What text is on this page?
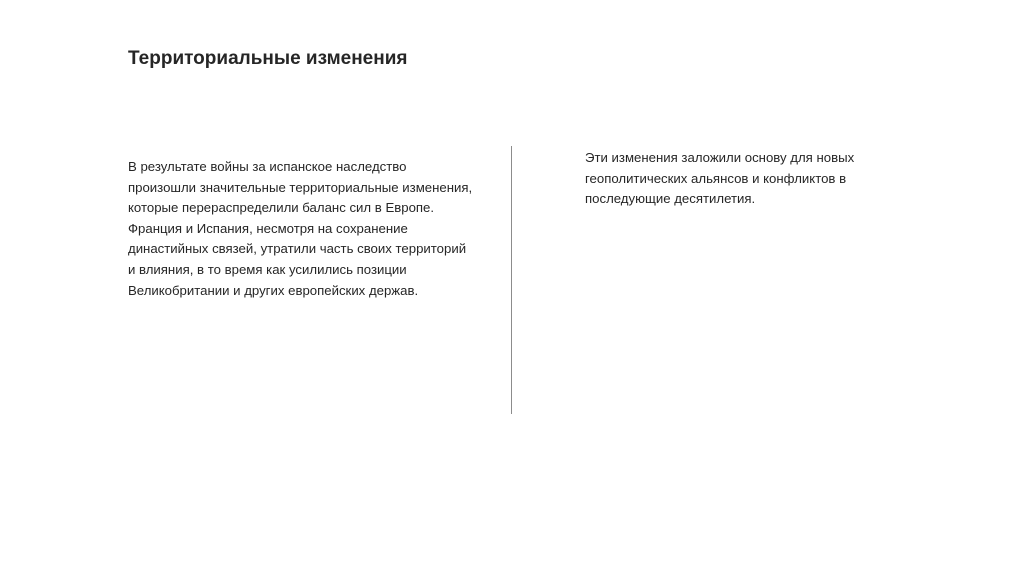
Территориальные изменения

В результате войны за испанское наследство произошли значительные территориальные изменения, которые перераспределили баланс сил в Европе. Франция и Испания, несмотря на сохранение династийных связей, утратили часть своих территорий и влияния, в то время как усилились позиции Великобритании и других европейских держав.

Эти изменения заложили основу для новых геополитических альянсов и конфликтов в последующие десятилетия.
